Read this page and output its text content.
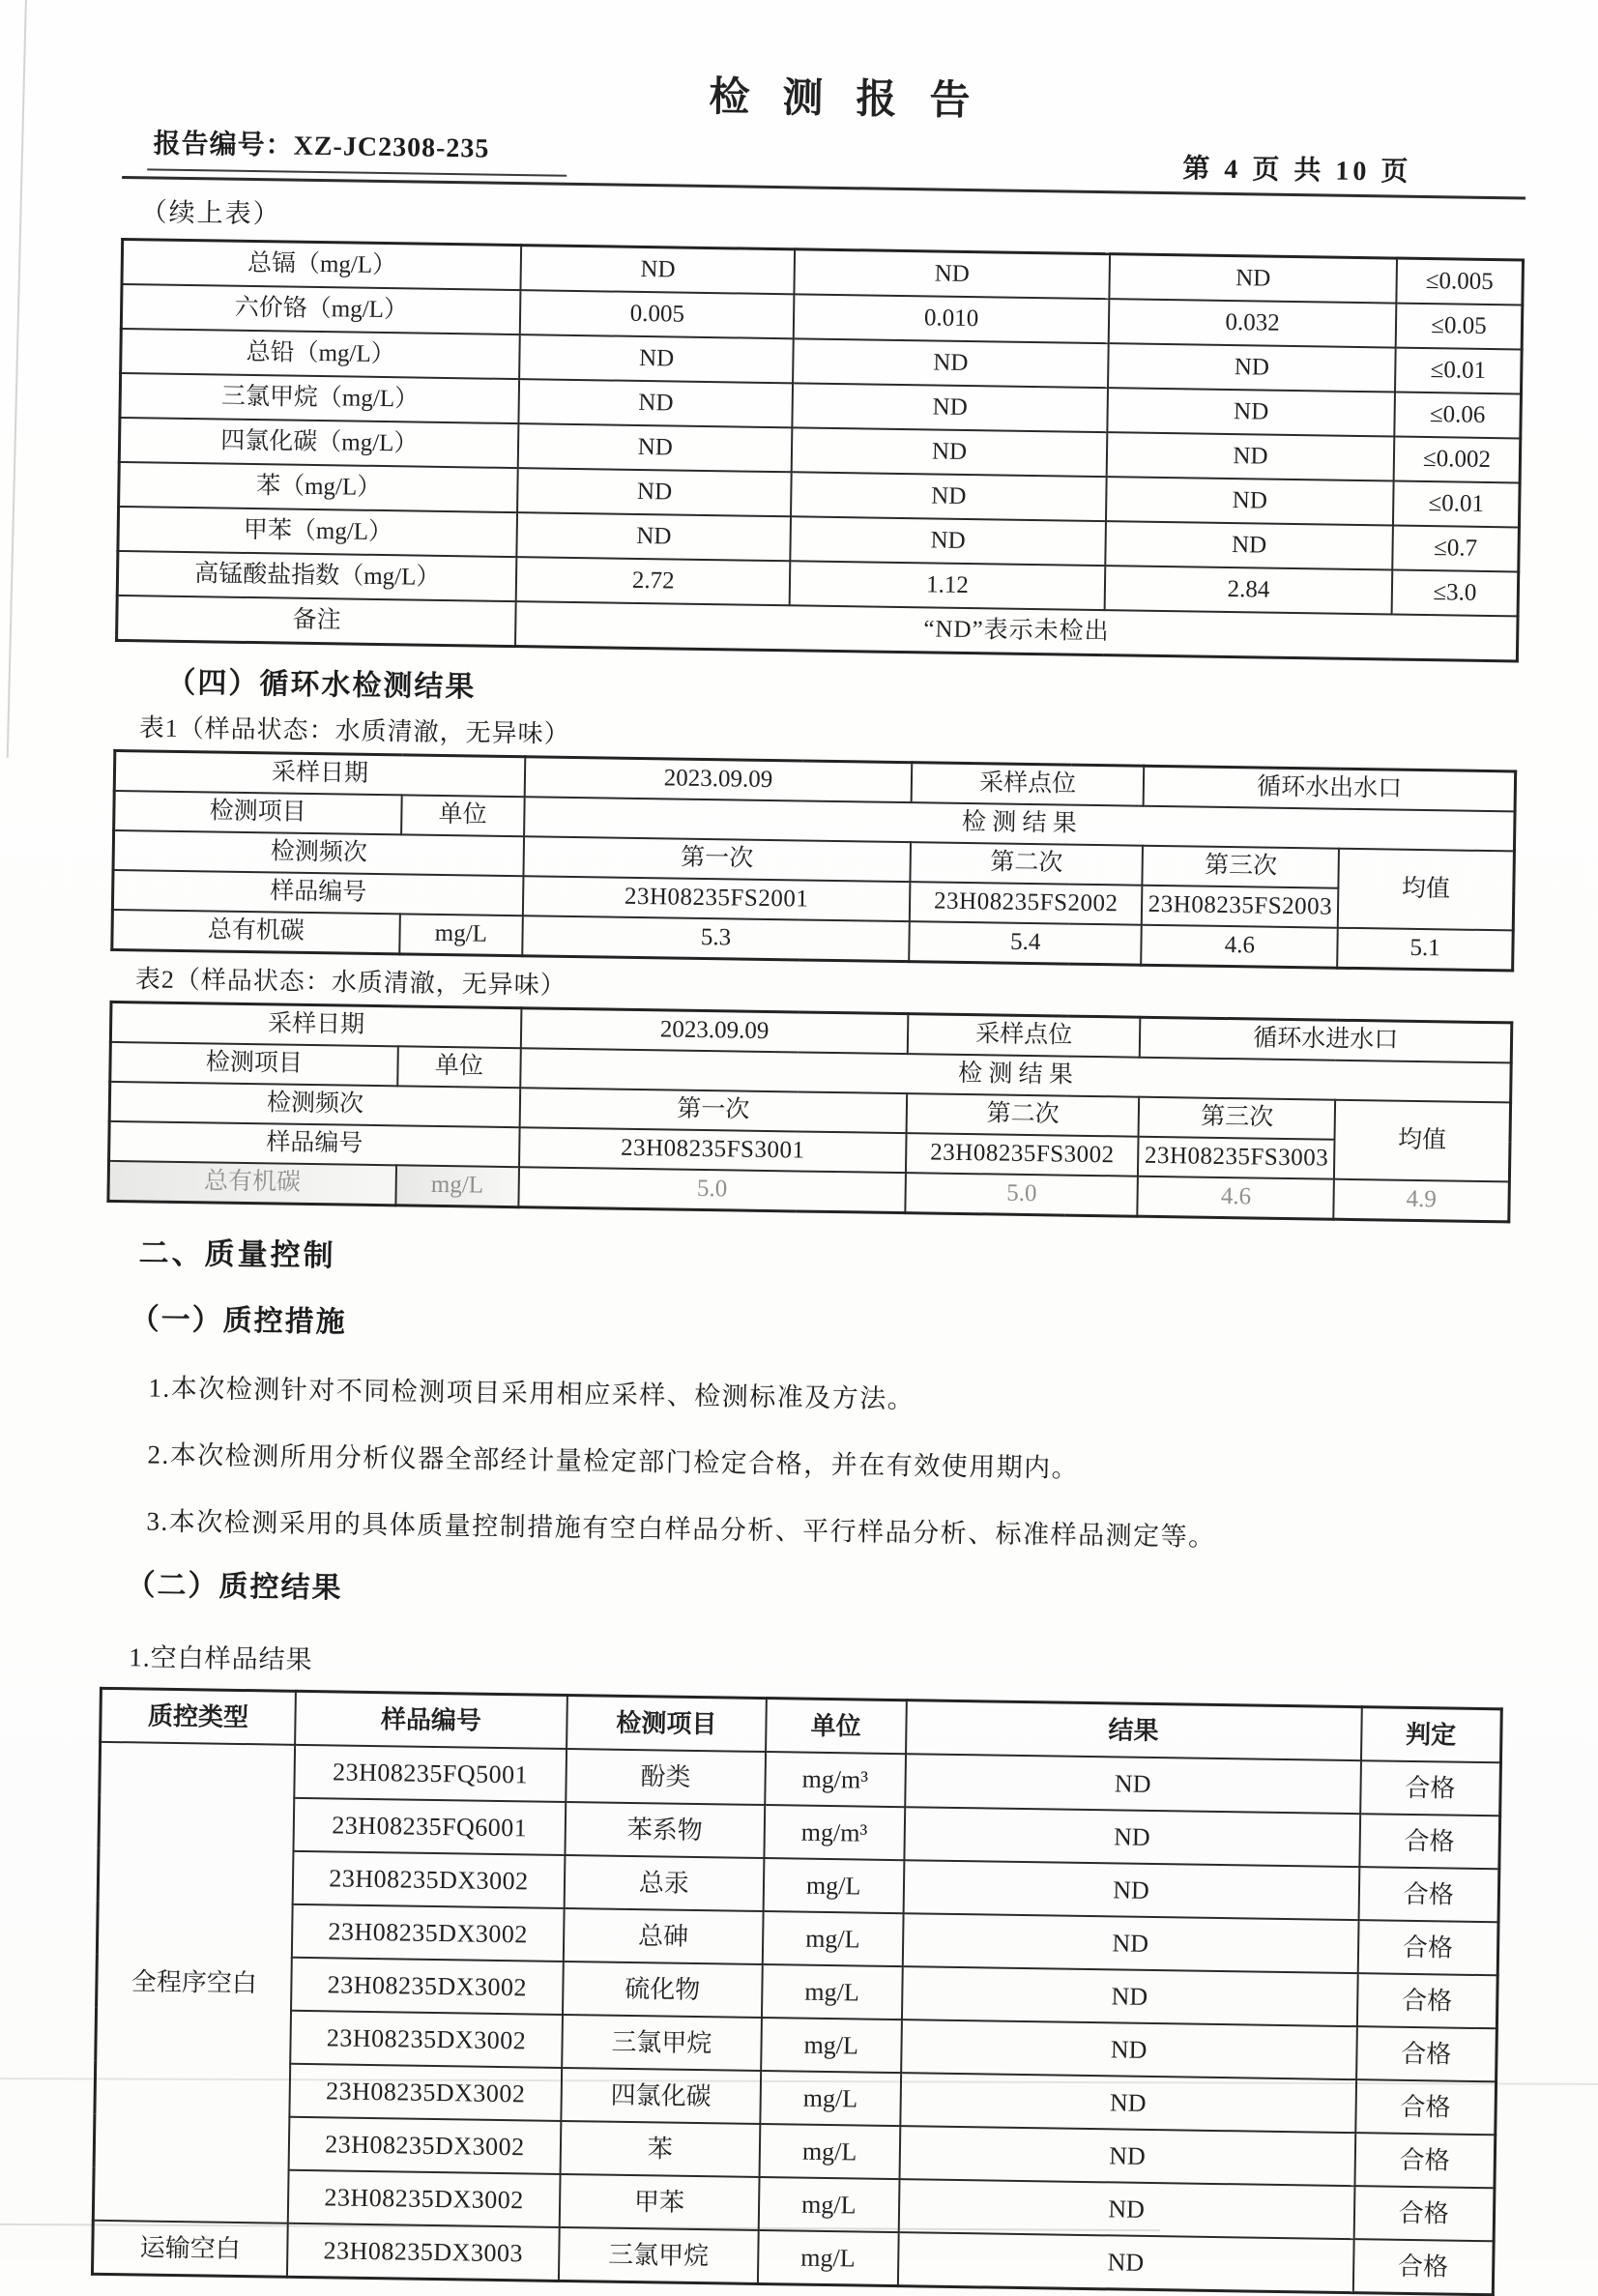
检测报告
报告编号：XZ-JC2308-235
第 4 页 共 10 页
（续上表）
总镉（mg/L）	ND	ND	ND	≤0.005
六价铬（mg/L）	0.005	0.010	0.032	≤0.05
总铅（mg/L）	ND	ND	ND	≤0.01
三氯甲烷（mg/L）	ND	ND	ND	≤0.06
四氯化碳（mg/L）	ND	ND	ND	≤0.002
苯（mg/L）	ND	ND	ND	≤0.01
甲苯（mg/L）	ND	ND	ND	≤0.7
高锰酸盐指数（mg/L）	2.72	1.12	2.84	≤3.0
备注	“ND”表示未检出			
（四）循环水检测结果
表1（样品状态：水质清澈，无异味）
采样日期		2023.09.09	采样点位	循环水出水口	
检测项目	单位	检 测 结 果			
检测频次		第一次	第二次	第三次	均值
样品编号		23H08235FS2001	23H08235FS2002	23H08235FS2003	
总有机碳	mg/L	5.3	5.4	4.6	5.1
表2（样品状态：水质清澈，无异味）
采样日期		2023.09.09	采样点位	循环水进水口	
检测项目	单位	检 测 结 果			
检测频次		第一次	第二次	第三次	均值
样品编号		23H08235FS3001	23H08235FS3002	23H08235FS3003	
总有机碳	mg/L	5.0	5.0	4.6	4.9
二、质量控制
（一）质控措施
1.本次检测针对不同检测项目采用相应采样、检测标准及方法。
2.本次检测所用分析仪器全部经计量检定部门检定合格，并在有效使用期内。
3.本次检测采用的具体质量控制措施有空白样品分析、平行样品分析、标准样品测定等。
（二）质控结果
1.空白样品结果
质控类型	样品编号	检测项目	单位	结果	判定
全程序空白	23H08235FQ5001	酚类	mg/m³	ND	合格
	23H08235FQ6001	苯系物	mg/m³	ND	合格
	23H08235DX3002	总汞	mg/L	ND	合格
	23H08235DX3002	总砷	mg/L	ND	合格
	23H08235DX3002	硫化物	mg/L	ND	合格
	23H08235DX3002	三氯甲烷	mg/L	ND	合格
	23H08235DX3002	四氯化碳	mg/L	ND	合格
	23H08235DX3002	苯	mg/L	ND	合格
	23H08235DX3002	甲苯	mg/L	ND	合格
运输空白	23H08235DX3003	三氯甲烷	mg/L	ND	合格
